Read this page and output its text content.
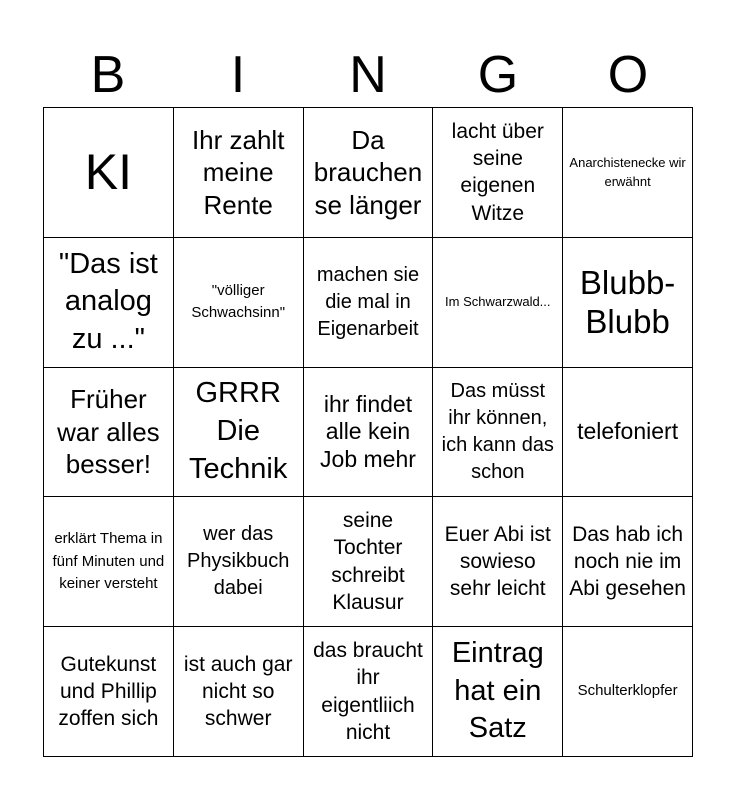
B	I	N	G	O
KI
Ihr zahlt meine Rente
Da brauchen se länger
lacht über seine eigenen Witze
Anarchistenecke wir erwähnt
"Das ist analog zu ..."
"völliger Schwachsinn"
machen sie die mal in Eigenarbeit
Im Schwarzwald...
Blubb-Blubb
Früher war alles besser!
GRRR Die Technik
ihr findet alle kein Job mehr
Das müsst ihr können, ich kann das schon
telefoniert
erklärt Thema in fünf Minuten und keiner versteht
wer das Physikbuch dabei
seine Tochter schreibt Klausur
Euer Abi ist sowieso sehr leicht
Das hab ich noch nie im Abi gesehen
Gutekunst und Phillip zoffen sich
ist auch gar nicht so schwer
das braucht ihr eigentliich nicht
Eintrag hat ein Satz
Schulterklopfer
